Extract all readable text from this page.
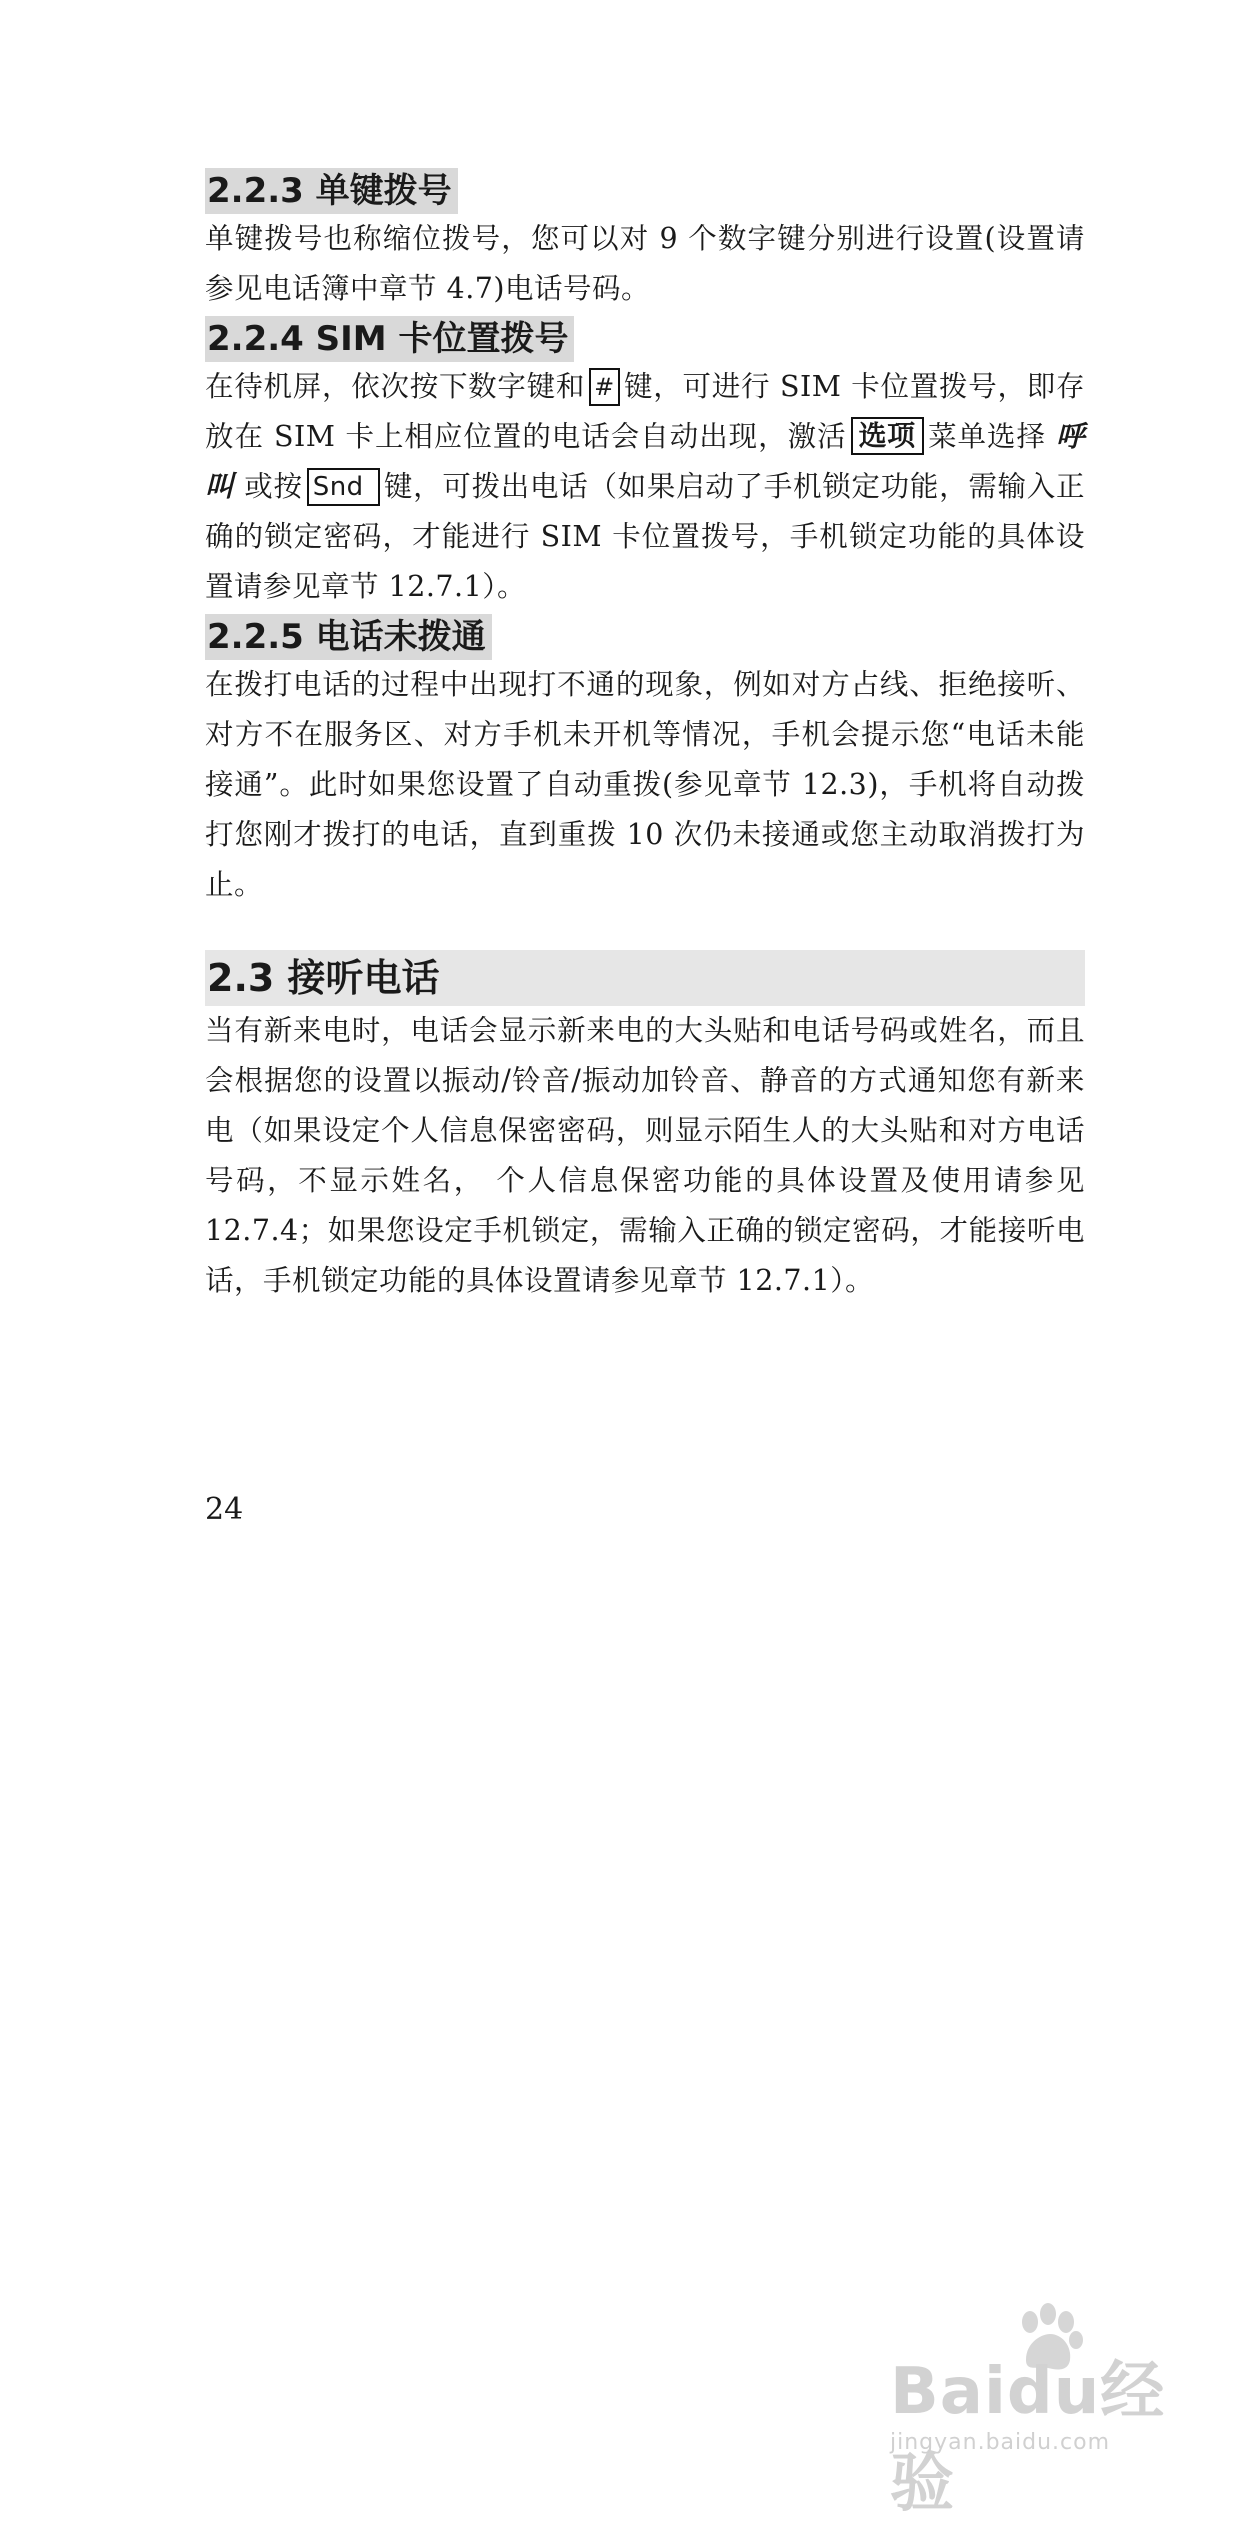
2.2.3 单键拨号

单键拨号也称缩位拨号，您可以对 9 个数字键分别进行设置(设置请参见电话簿中章节 4.7)电话号码。

2.2.4 SIM 卡位置拨号

在待机屏，依次按下数字键和 # 键，可进行 SIM 卡位置拨号，即存放在 SIM 卡上相应位置的电话会自动出现，激活 选项 菜单选择 呼叫 或按 Snd 键，可拨出电话（如果启动了手机锁定功能，需输入正确的锁定密码，才能进行 SIM 卡位置拨号，手机锁定功能的具体设置请参见章节 12.7.1）。

2.2.5 电话未拨通

在拨打电话的过程中出现打不通的现象，例如对方占线、拒绝接听、对方不在服务区、对方手机未开机等情况，手机会提示您“电话未能接通”。此时如果您设置了自动重拨(参见章节 12.3)，手机将自动拨打您刚才拨打的电话，直到重拨 10 次仍未接通或您主动取消拨打为止。

2.3 接听电话

当有新来电时，电话会显示新来电的大头贴和电话号码或姓名，而且会根据您的设置以振动/铃音/振动加铃音、静音的方式通知您有新来电（如果设定个人信息保密密码，则显示陌生人的大头贴和对方电话号码，不显示姓名， 个人信息保密功能的具体设置及使用请参见 12.7.4；如果您设定手机锁定，需输入正确的锁定密码，才能接听电话，手机锁定功能的具体设置请参见章节 12.7.1）。

24
Baidu经验
jingyan.baidu.com
